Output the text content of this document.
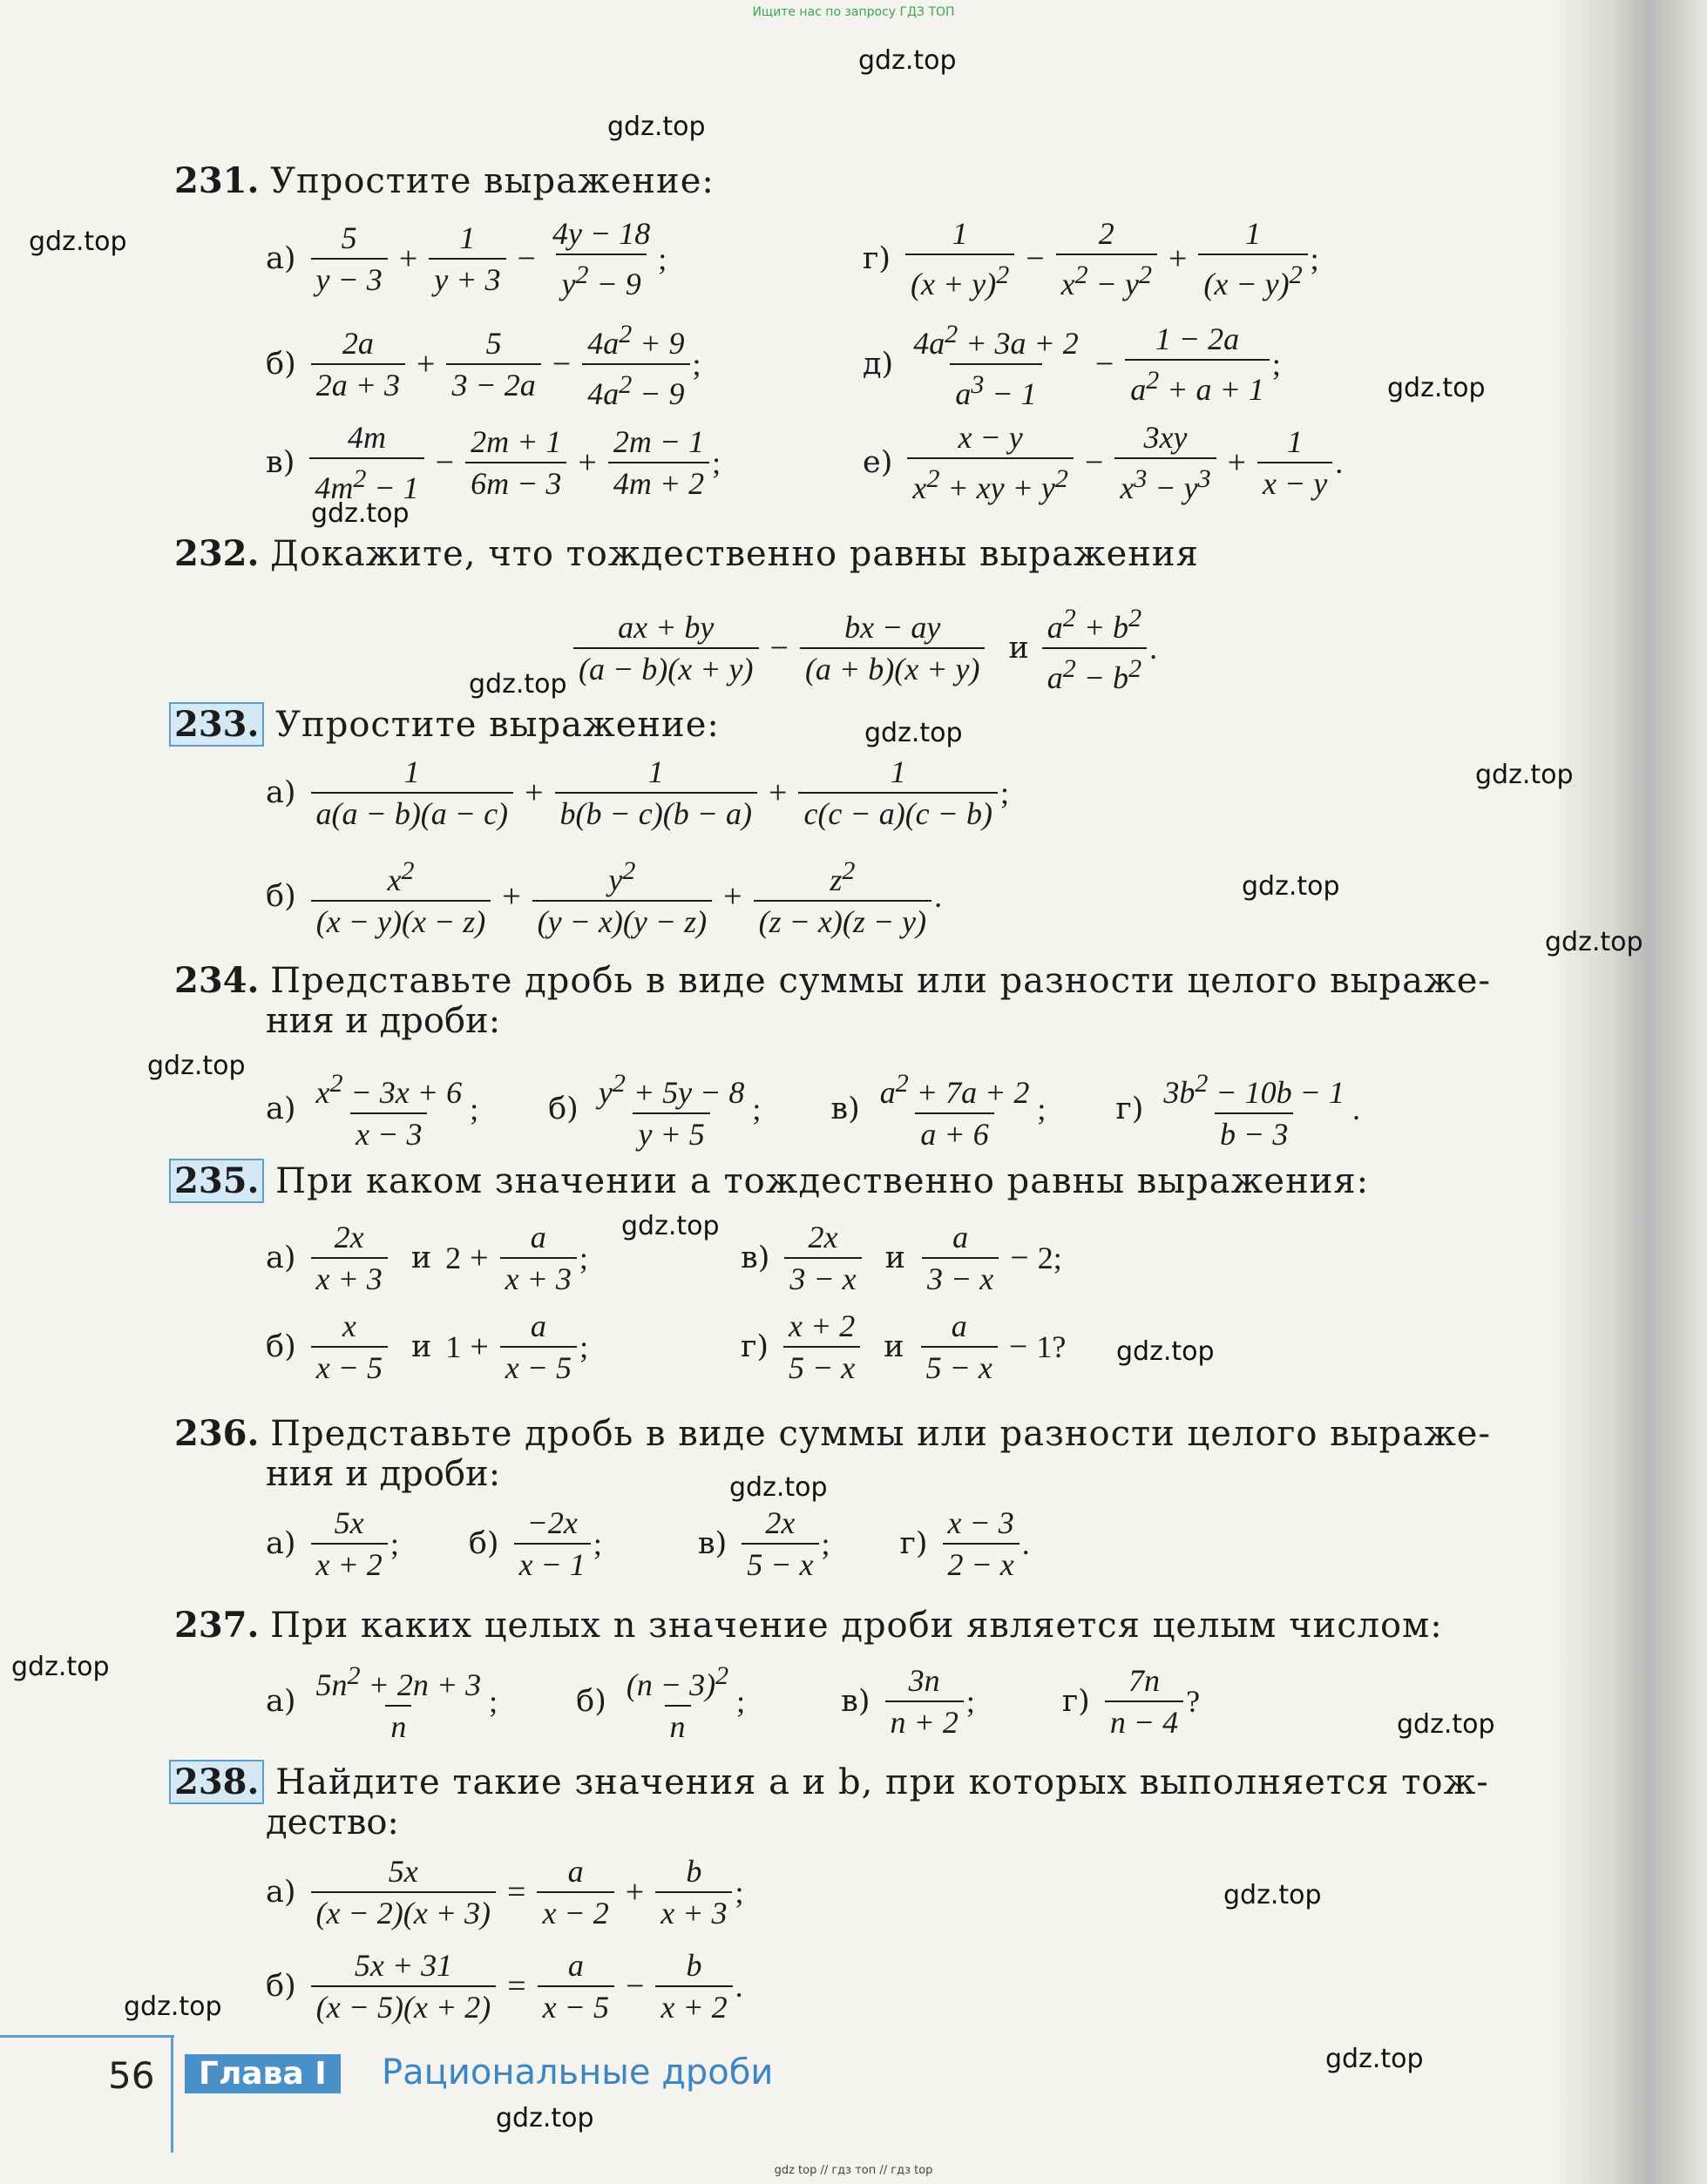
Ищите нас по запросу ГДЗ ТОП
gdz.top
gdz.top
gdz.top
gdz.top
gdz.top
gdz.top
gdz.top
gdz.top
gdz.top
gdz.top
gdz.top
gdz.top
gdz.top
gdz.top
gdz.top
gdz.top
gdz.top
gdz.top
gdz.top
gdz.top
231. Упростите выражение:
$а) \frac{5}{y - 3} + \frac{1}{y + 3} - \frac{4y - 18}{y^2 - 9}$ ;	$г) \frac{1}{(x + y)^2} - \frac{2}{x^2 - y^2} + \frac{1}{(x - y)^2}$ ;
$б) \frac{2a}{2a + 3} + \frac{5}{3 - 2a} - \frac{4a^2 + 9}{4a^2 - 9}$ ;	$д) \frac{4a^2 + 3a + 2}{a^3 - 1} - \frac{1 - 2a}{a^2 + a + 1}$ ;
$в) \frac{4m}{4m^2 - 1} - \frac{2m + 1}{6m - 3} + \frac{2m - 1}{4m + 2}$ ;	$е) \frac{x - y}{x^2 + xy + y^2} - \frac{3xy}{x^3 - y^3} + \frac{1}{x - y}$ .
232. Докажите, что тождественно равны выражения
$\frac{ax + by}{(a - b)(x + y)} - \frac{bx - ay}{(a + b)(x + y)}$ и $\frac{a^2 + b^2}{a^2 - b^2}$ .
233. Упростите выражение:
$а) \frac{1}{a(a - b)(a - c)} + \frac{1}{b(b - c)(b - a)} + \frac{1}{c(c - a)(c - b)}$ ;
$б) \frac{x^2}{(x - y)(x - z)} + \frac{y^2}{(y - x)(y - z)} + \frac{z^2}{(z - x)(z - y)}$ .
234. Представьте дробь в виде суммы или разности целого выраже-
ния и дроби:
$а) \frac{x^2 - 3x + 6}{x - 3}$ ; $б) \frac{y^2 + 5y - 8}{y + 5}$ ; $в) \frac{a^2 + 7a + 2}{a + 6}$ ; $г) \frac{3b^2 - 10b - 1}{b - 3}$ .
235. При каком значении a тождественно равны выражения:
$а) \frac{2x}{x + 3}$ и $2 + \frac{a}{x + 3}$ ;	$в) \frac{2x}{3 - x}$ и $\frac{a}{3 - x} - 2$;
$б) \frac{x}{x - 5}$ и $1 + \frac{a}{x - 5}$ ;	$г) \frac{x + 2}{5 - x}$ и $\frac{a}{5 - x} - 1$?
236. Представьте дробь в виде суммы или разности целого выраже-
ния и дроби:
$а) \frac{5x}{x + 2}$ ; $б) \frac{-2x}{x - 1}$ ;	$в) \frac{2x}{5 - x}$ ; $г) \frac{x - 3}{2 - x}$ .
237. При каких целых n значение дроби является целым числом:
$а) \frac{5n^2 + 2n + 3}{n}$ ;	$б) \frac{(n - 3)^2}{n}$ ;	$в) \frac{3n}{n + 2}$ ;	$г) \frac{7n}{n - 4}$ ?
238. Найдите такие значения a и b, при которых выполняется тож-
дество:
$а) \frac{5x}{(x - 2)(x + 3)} = \frac{a}{x - 2} + \frac{b}{x + 3}$ ;
$б) \frac{5x + 31}{(x - 5)(x + 2)} = \frac{a}{x - 5} - \frac{b}{x + 2}$ .
56	Глава I	Рациональные дроби
gdz top // гдз топ // гдз top
